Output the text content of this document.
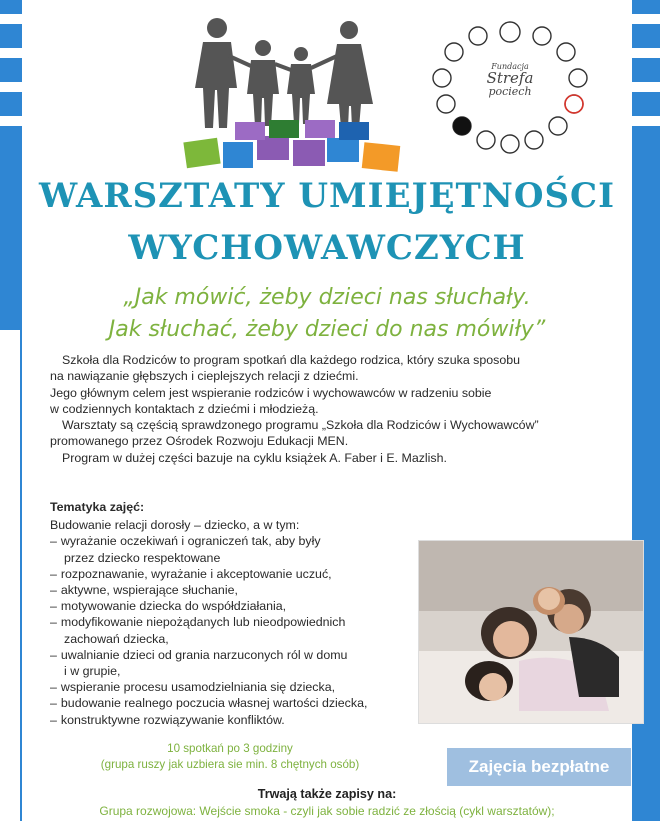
Fundacja
Strefa
pociech
WARSZTATY UMIEJĘTNOŚCI
WYCHOWAWCZYCH
„Jak mówić, żeby dzieci nas słuchały.
Jak słuchać, żeby dzieci do nas mówiły”

Szkoła dla Rodziców to program spotkań dla każdego rodzica, który szuka sposobu

na nawiązanie głębszych i cieplejszych relacji z dziećmi.

Jego głównym celem jest wspieranie rodziców i wychowawców w radzeniu sobie

w codziennych kontaktach z dziećmi i młodzieżą.

Warsztaty są częścią sprawdzonego programu „Szkoła dla Rodziców i Wychowawców”

promowanego przez Ośrodek Rozwoju Edukacji MEN.

Program w dużej części bazuje na cyklu książek A. Faber i E. Mazlish.

Tematyka zajęć:
Budowanie relacji dorosły – dziecko, a w tym:
– wyrażanie oczekiwań i ograniczeń tak, aby były
przez dziecko respektowane
– rozpoznawanie, wyrażanie i akceptowanie uczuć,
– aktywne, wspierające słuchanie,
– motywowanie dziecka do współdziałania,
– modyfikowanie niepożądanych lub nieodpowiednich
zachowań dziecka,
– uwalnianie dzieci od grania narzuconych ról w domu
i w grupie,
– wspieranie procesu usamodzielniania się dziecka,
– budowanie realnego poczucia własnej wartości dziecka,
– konstruktywne rozwiązywanie konfliktów.
10 spotkań po 3 godziny
(grupa ruszy jak uzbiera sie min. 8 chętnych osób)	Zajęcia bezpłatne
Trwają także zapisy na:
Grupa rozwojowa: Wejście smoka - czyli jak sobie radzić ze złością (cykl warsztatów);
